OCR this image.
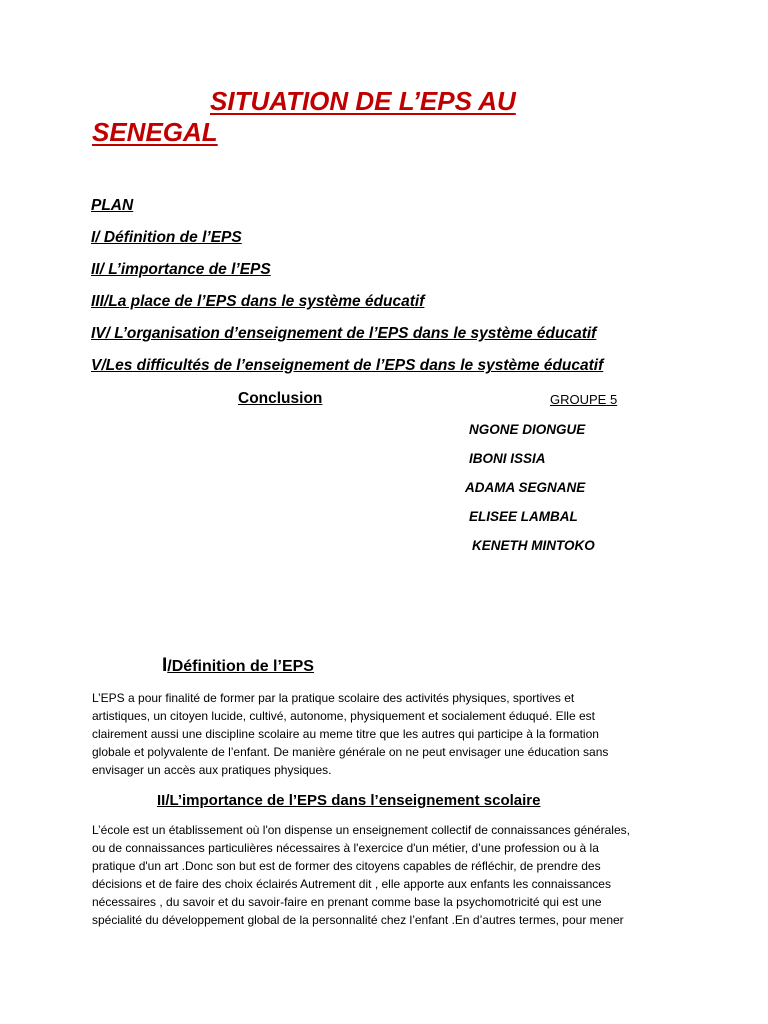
SITUATION DE L’EPS AU
SENEGAL
PLAN
I/ Définition de l’EPS
II/ L’importance de l’EPS
III/La place de l’EPS dans le système éducatif
IV/ L’organisation d’enseignement de l’EPS dans le système éducatif
V/Les difficultés de l’enseignement de l’EPS dans le système éducatif
Conclusion	GROUPE 5
NGONE DIONGUE
IBONI ISSIA
ADAMA SEGNANE
ELISEE LAMBAL
KENETH MINTOKO
I/Définition de l’EPS
L’EPS a pour finalité de former par la pratique scolaire des activités physiques, sportives et
artistiques, un citoyen lucide, cultivé, autonome, physiquement et socialement éduqué. Elle est
clairement aussi une discipline scolaire au meme titre que les autres qui participe à la formation
globale et polyvalente de l’enfant. De manière générale on ne peut envisager une éducation sans
envisager un accès aux pratiques physiques.
II/L’importance de l’EPS dans l’enseignement scolaire
L’école est un établissement où l'on dispense un enseignement collectif de connaissances générales,
ou de connaissances particulières nécessaires à l'exercice d'un métier, d’une profession ou à la
pratique d'un art .Donc son but est de former des citoyens capables de réfléchir, de prendre des
décisions et de faire des choix éclairés Autrement dit , elle apporte aux enfants les connaissances
nécessaires , du savoir et du savoir-faire en prenant comme base la psychomotricité qui est une
spécialité du développement global de la personnalité chez l’enfant .En d’autres termes, pour mener
